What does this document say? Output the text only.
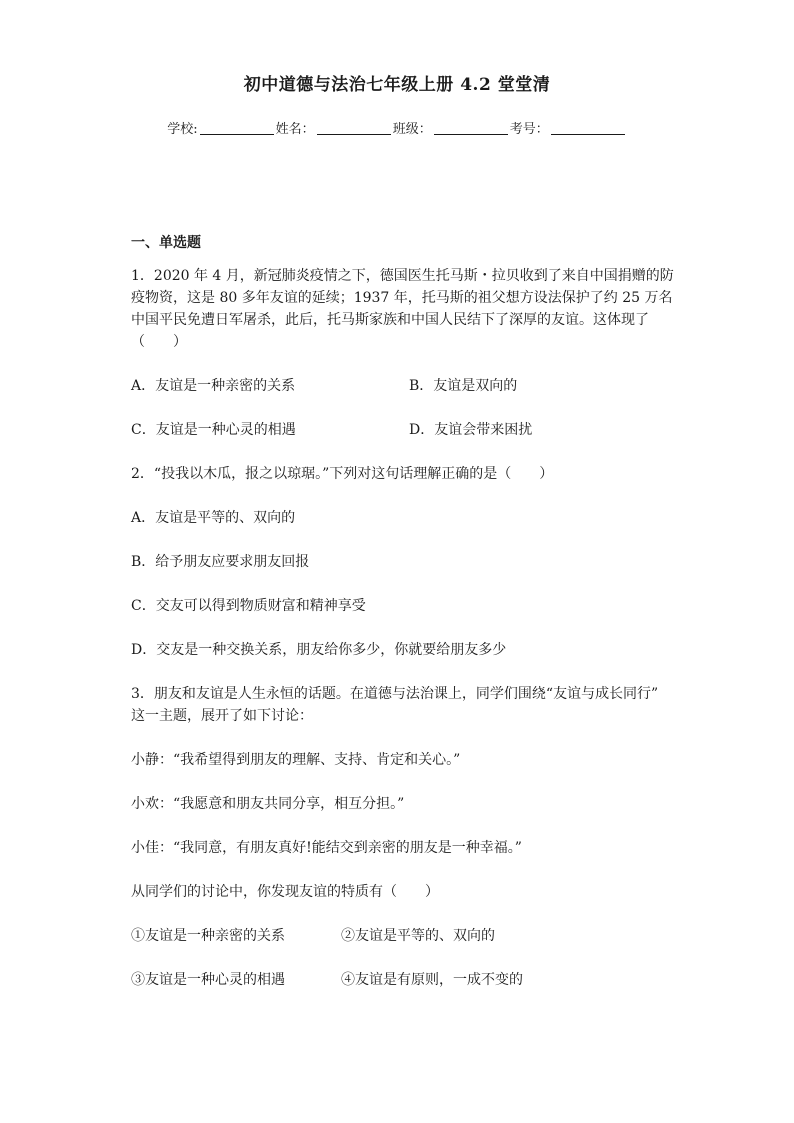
初中道德与法治七年级上册 4.2 堂堂清
学校:	姓名：	班级：	考号：
一、单选题
1．2020 年 4 月，新冠肺炎疫情之下，德国医生托马斯・拉贝收到了来自中国捐赠的防
疫物资，这是 80 多年友谊的延续；1937 年，托马斯的祖父想方设法保护了约 25 万名
中国平民免遭日军屠杀，此后，托马斯家族和中国人民结下了深厚的友谊。这体现了
（　　）
A．友谊是一种亲密的关系	B．友谊是双向的
C．友谊是一种心灵的相遇	D．友谊会带来困扰
2．“投我以木瓜，报之以琼琚。”下列对这句话理解正确的是（　　）
A．友谊是平等的、双向的
B．给予朋友应要求朋友回报
C．交友可以得到物质财富和精神享受
D．交友是一种交换关系，朋友给你多少，你就要给朋友多少
3．朋友和友谊是人生永恒的话题。在道德与法治课上，同学们围绕“友谊与成长同行”
这一主题，展开了如下讨论：
小静：“我希望得到朋友的理解、支持、肯定和关心。”
小欢：“我愿意和朋友共同分享，相互分担。”
小佳：“我同意，有朋友真好!能结交到亲密的朋友是一种幸福。”
从同学们的讨论中，你发现友谊的特质有（　　）
①友谊是一种亲密的关系	②友谊是平等的、双向的
③友谊是一种心灵的相遇	④友谊是有原则，一成不变的
